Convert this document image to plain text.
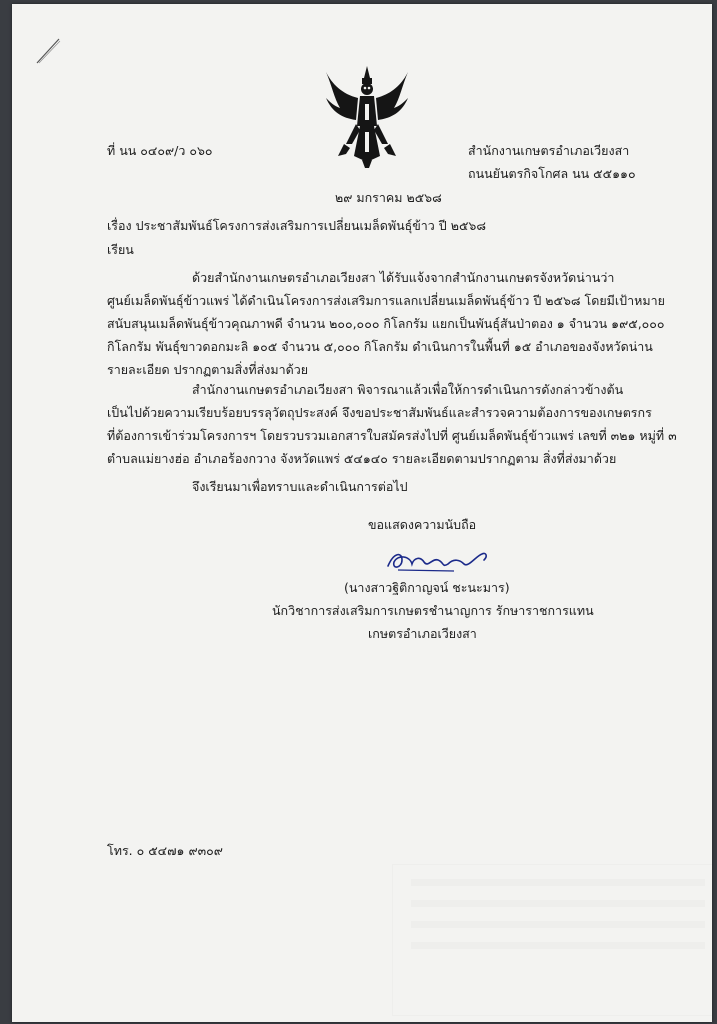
ที่ นน ๐๔๐๙/ว ๐๖๐	สำนักงานเกษตรอำเภอเวียงสา
ถนนยันตรกิจโกศล นน ๕๕๑๑๐
๒๙ มกราคม ๒๕๖๘
เรื่อง ประชาสัมพันธ์โครงการส่งเสริมการเปลี่ยนเมล็ดพันธุ์ข้าว ปี ๒๕๖๘
เรียน
ด้วยสำนักงานเกษตรอำเภอเวียงสา ได้รับแจ้งจากสำนักงานเกษตรจังหวัดน่านว่า
ศูนย์เมล็ดพันธุ์ข้าวแพร่ ได้ดำเนินโครงการส่งเสริมการแลกเปลี่ยนเมล็ดพันธุ์ข้าว ปี ๒๕๖๘ โดยมีเป้าหมาย
สนับสนุนเมล็ดพันธุ์ข้าวคุณภาพดี จำนวน ๒๐๐,๐๐๐ กิโลกรัม แยกเป็นพันธุ์สันป่าตอง ๑ จำนวน ๑๙๕,๐๐๐
กิโลกรัม พันธุ์ขาวดอกมะลิ ๑๐๕ จำนวน ๕,๐๐๐ กิโลกรัม ดำเนินการในพื้นที่ ๑๕ อำเภอของจังหวัดน่าน
รายละเอียด ปรากฏตามสิ่งที่ส่งมาด้วย
สำนักงานเกษตรอำเภอเวียงสา พิจารณาแล้วเพื่อให้การดำเนินการดังกล่าวข้างต้น
เป็นไปด้วยความเรียบร้อยบรรลุวัตถุประสงค์ จึงขอประชาสัมพันธ์และสำรวจความต้องการของเกษตรกร
ที่ต้องการเข้าร่วมโครงการฯ โดยรวบรวมเอกสารใบสมัครส่งไปที่ ศูนย์เมล็ดพันธุ์ข้าวแพร่ เลขที่ ๓๒๑ หมู่ที่ ๓
ตำบลแม่ยางฮ่อ อำเภอร้องกวาง จังหวัดแพร่ ๕๔๑๔๐ รายละเอียดตามปรากฏตาม สิ่งที่ส่งมาด้วย
จึงเรียนมาเพื่อทราบและดำเนินการต่อไป
ขอแสดงความนับถือ
(นางสาวฐิติกาญจน์ ชะนะมาร)
นักวิชาการส่งเสริมการเกษตรชำนาญการ รักษาราชการแทน
เกษตรอำเภอเวียงสา
โทร. ๐ ๕๔๗๑ ๙๓๐๙
